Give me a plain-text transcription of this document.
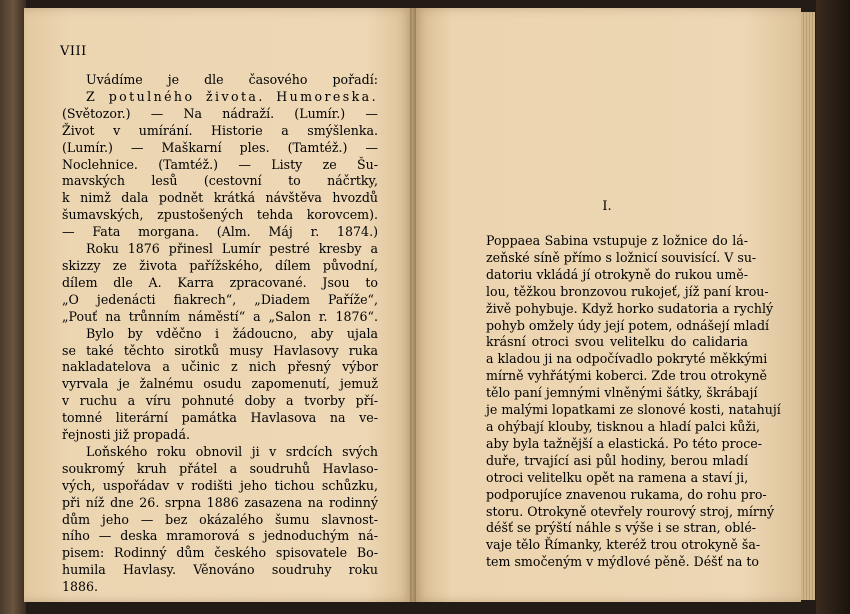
VIII
Uvádíme je dle časového pořadí:
Z potulného života. Humoreska.
(Světozor.) — Na nádraží. (Lumír.) —
Život v umírání. Historie a smýšlenka.
(Lumír.) — Maškarní ples. (Tamtéž.) —
Noclehnice. (Tamtéž.) — Listy ze Šu-
mavských lesů (cestovní to náčrtky,
k nimž dala podnět krátká návštěva hvozdů
šumavských, zpustošených tehda korovcem).
— Fata morgana. (Alm. Máj r. 1874.)
Roku 1876 přinesl Lumír pestré kresby a
skizzy ze života pařížského, dílem původní,
dílem dle A. Karra zpracované. Jsou to
„O jedenácti fiakrech“, „Diadem Paříže“,
„Pouť na trůnním náměstí“ a „Salon r. 1876“.
Bylo by vděčno i žádoucno, aby ujala
se také těchto sirotků musy Havlasovy ruka
nakladatelova a učinic z nich přesný výbor
vyrvala je žalnému osudu zapomenutí, jemuž
v ruchu a víru pohnuté doby a tvorby pří-
tomné literární památka Havlasova na ve-
řejnosti již propadá.
Loňského roku obnovil ji v srdcích svých
soukromý kruh přátel a soudruhů Havlaso-
vých, uspořádav v rodišti jeho tichou schůzku,
při níž dne 26. srpna 1886 zasazena na rodinný
dům jeho — bez okázalého šumu slavnost-
ního — deska mramorová s jednoduchým ná-
pisem: Rodinný dům českého spisovatele Bo-
humila Havlasy. Věnováno soudruhy roku
1886.
I.
Poppaea Sabina vstupuje z ložnice do lá-
zeňské síně přímo s ložnicí souvisící. V su-
datoriu vkládá jí otrokyně do rukou umě-
lou, těžkou bronzovou rukojeť, jíž paní krou-
živě pohybuje. Když horko sudatoria a rychlý
pohyb omžely údy její potem, odnášejí mladí
krásní otroci svou velitelku do calidaria
a kladou ji na odpočívadlo pokryté měkkými
mírně vyhřátými koberci. Zde trou otrokyně
tělo paní jemnými vlněnými šátky, škrábají
je malými lopatkami ze slonové kosti, natahují
a ohýbají klouby, tisknou a hladí palci kůži,
aby byla tažnější a elastická. Po této proce-
duře, trvající asi půl hodiny, berou mladí
otroci velitelku opět na ramena a staví ji,
podporujíce znavenou rukama, do rohu pro-
storu. Otrokyně otevřely rourový stroj, mírný
déšť se prýští náhle s výše i se stran, oblé-
vaje tělo Římanky, kteréž trou otrokyně ša-
tem smočeným v mýdlové pěně. Déšť na to
